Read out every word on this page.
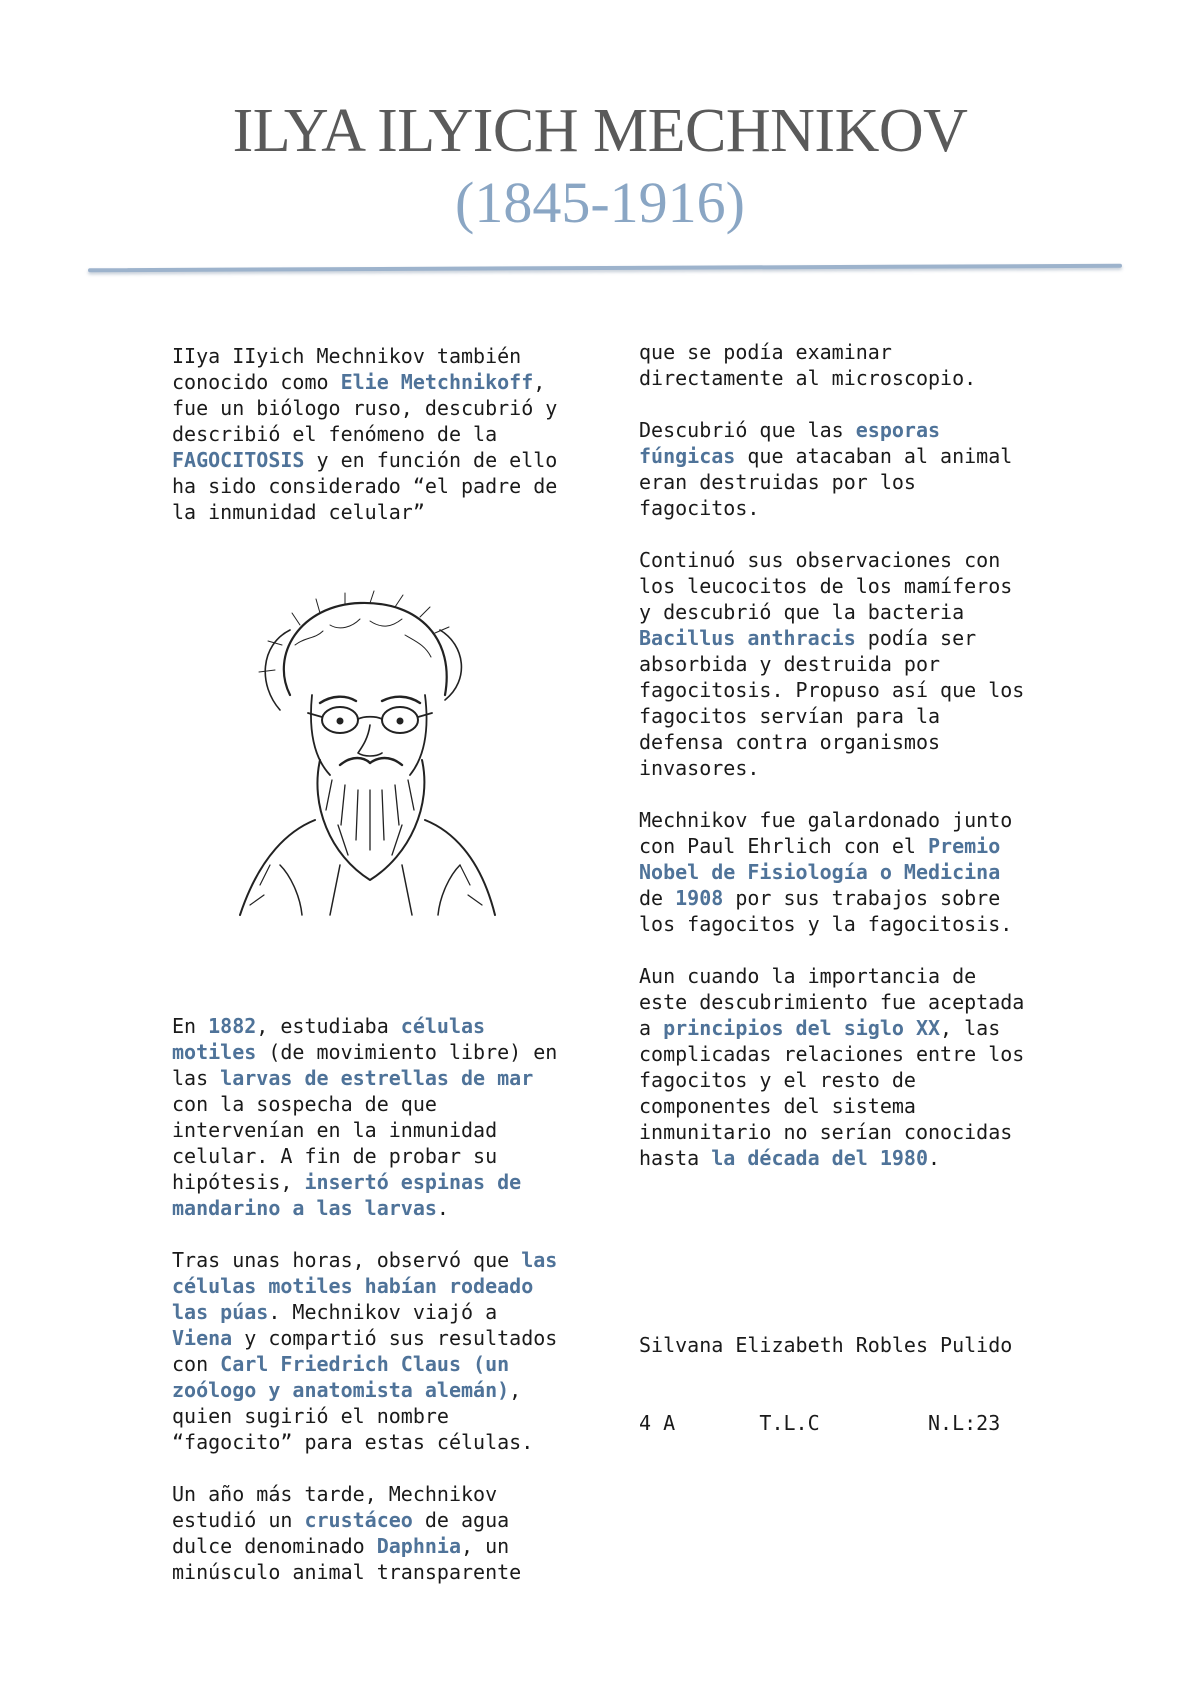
ILYA ILYICH MECHNIKOV
(1845-1916)

IIya IIyich Mechnikov también

conocido como Elie Metchnikoff,

fue un biólogo ruso, descubrió y

describió el fenómeno de la

FAGOCITOSIS y en función de ello

ha sido considerado “el padre de

la inmunidad celular”

En 1882, estudiaba células

motiles (de movimiento libre) en

las larvas de estrellas de mar

con la sospecha de que

intervenían en la inmunidad

celular. A fin de probar su

hipótesis, insertó espinas de

mandarino a las larvas.

Tras unas horas, observó que las

células motiles habían rodeado

las púas. Mechnikov viajó a

Viena y compartió sus resultados

con Carl Friedrich Claus (un

zoólogo y anatomista alemán),

quien sugirió el nombre

“fagocito” para estas células.

Un año más tarde, Mechnikov

estudió un crustáceo de agua

dulce denominado Daphnia, un

minúsculo animal transparente

que se podía examinar

directamente al microscopio.

Descubrió que las esporas

fúngicas que atacaban al animal

eran destruidas por los

fagocitos.

Continuó sus observaciones con

los leucocitos de los mamíferos

y descubrió que la bacteria

Bacillus anthracis podía ser

absorbida y destruida por

fagocitosis. Propuso así que los

fagocitos servían para la

defensa contra organismos

invasores.

Mechnikov fue galardonado junto

con Paul Ehrlich con el Premio

Nobel de Fisiología o Medicina

de 1908 por sus trabajos sobre

los fagocitos y la fagocitosis.

Aun cuando la importancia de

este descubrimiento fue aceptada

a principios del siglo XX, las

complicadas relaciones entre los

fagocitos y el resto de

componentes del sistema

inmunitario no serían conocidas

hasta la década del 1980.

Silvana Elizabeth Robles Pulido

4 A       T.L.C         N.L:23
